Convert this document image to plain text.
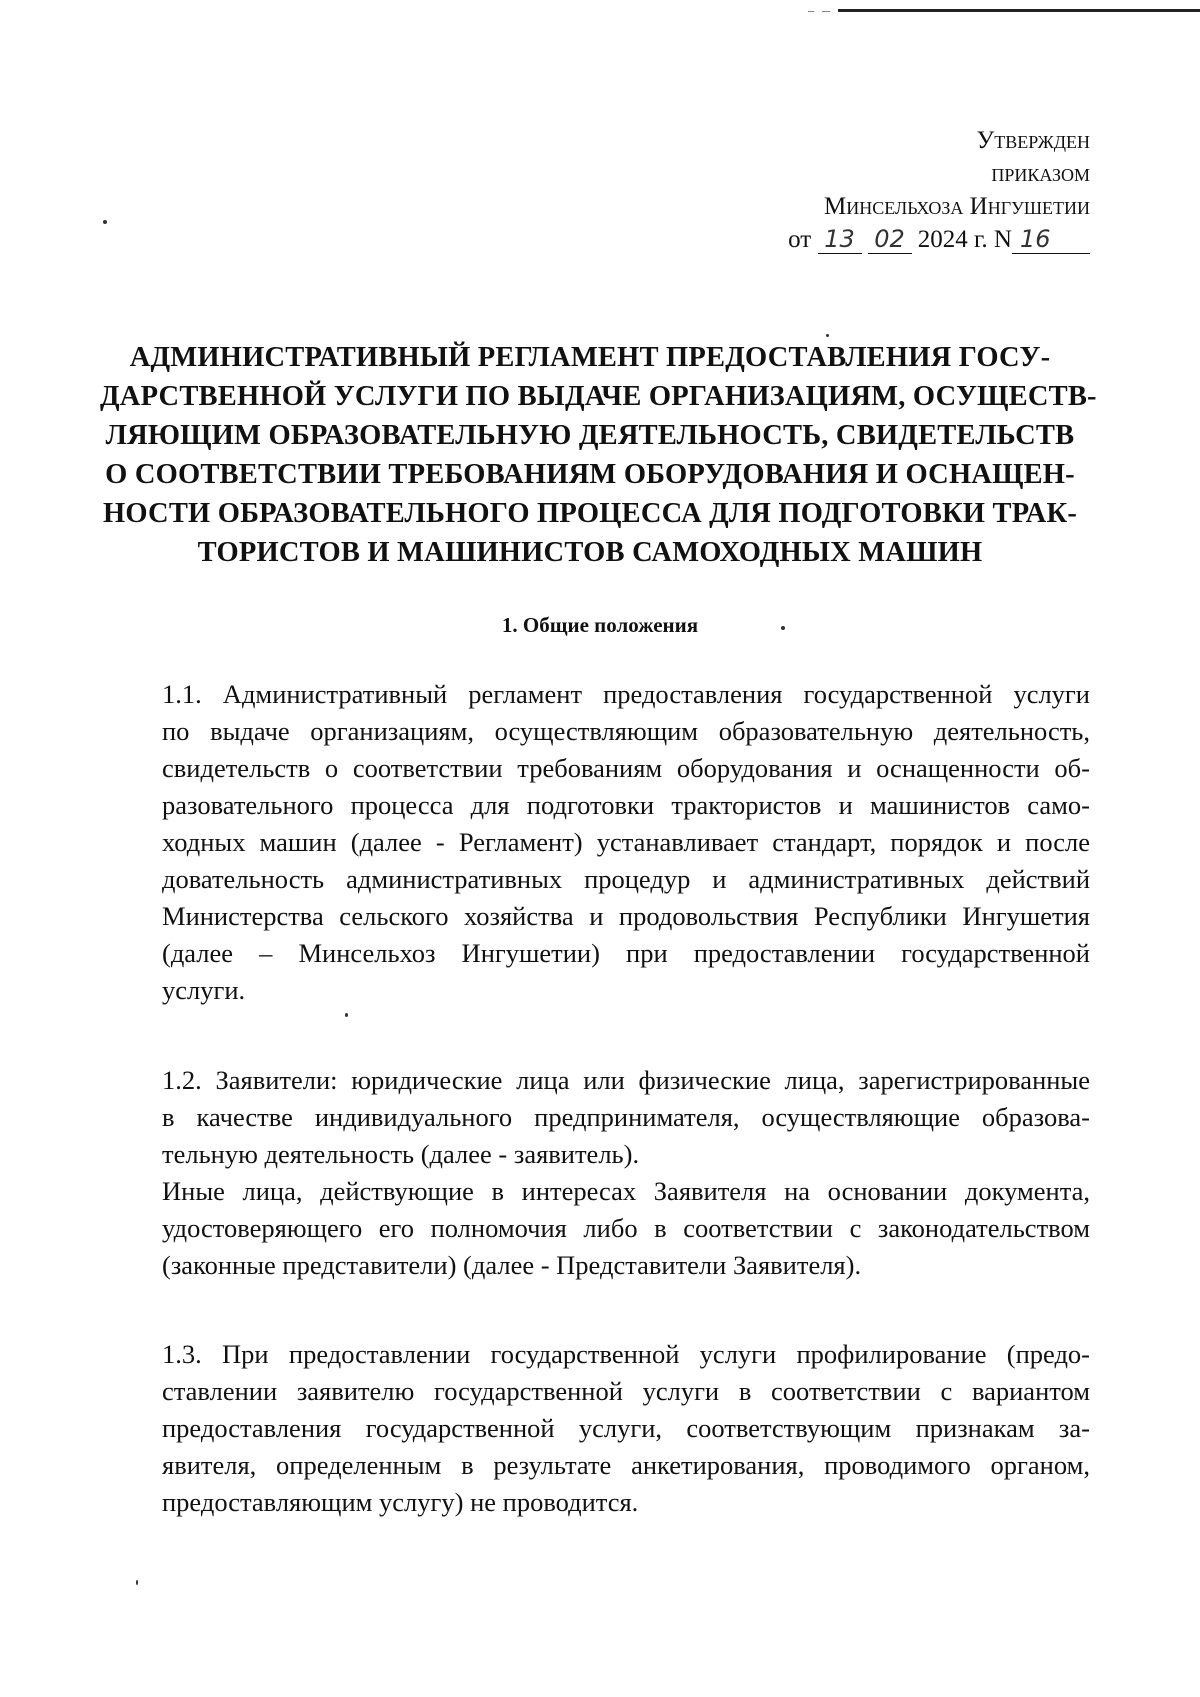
Утвержден
приказом
Минсельхоза Ингушетии
от 13 02 2024 г. N 16
АДМИНИСТРАТИВНЫЙ РЕГЛАМЕНТ ПРЕДОСТАВЛЕНИЯ ГОСУ-
ДАРСТВЕННОЙ УСЛУГИ ПО ВЫДАЧЕ ОРГАНИЗАЦИЯМ, ОСУЩЕСТВ-
ЛЯЮЩИМ ОБРАЗОВАТЕЛЬНУЮ ДЕЯТЕЛЬНОСТЬ, СВИДЕТЕЛЬСТВ
О СООТВЕТСТВИИ ТРЕБОВАНИЯМ ОБОРУДОВАНИЯ И ОСНАЩЕН-
НОСТИ ОБРАЗОВАТЕЛЬНОГО ПРОЦЕССА ДЛЯ ПОДГОТОВКИ ТРАК-
ТОРИСТОВ И МАШИНИСТОВ САМОХОДНЫХ МАШИН
1. Общие положения
1.1. Административный регламент предоставления государственной услуги
по выдаче организациям, осуществляющим образовательную деятельность,
свидетельств о соответствии требованиям оборудования и оснащенности об-
разовательного процесса для подготовки трактористов и машинистов само-
ходных машин (далее - Регламент) устанавливает стандарт, порядок и после
довательность административных процедур и административных действий
Министерства сельского хозяйства и продовольствия Республики Ингушетия
(далее – Минсельхоз Ингушетии) при предоставлении государственной
услуги.
1.2. Заявители: юридические лица или физические лица, зарегистрированные
в качестве индивидуального предпринимателя, осуществляющие образова-
тельную деятельность (далее - заявитель).
Иные лица, действующие в интересах Заявителя на основании документа,
удостоверяющего его полномочия либо в соответствии с законодательством
(законные представители) (далее - Представители Заявителя).
1.3. При предоставлении государственной услуги профилирование (предо-
ставлении заявителю государственной услуги в соответствии с вариантом
предоставления государственной услуги, соответствующим признакам за-
явителя, определенным в результате анкетирования, проводимого органом,
предоставляющим услугу) не проводится.
